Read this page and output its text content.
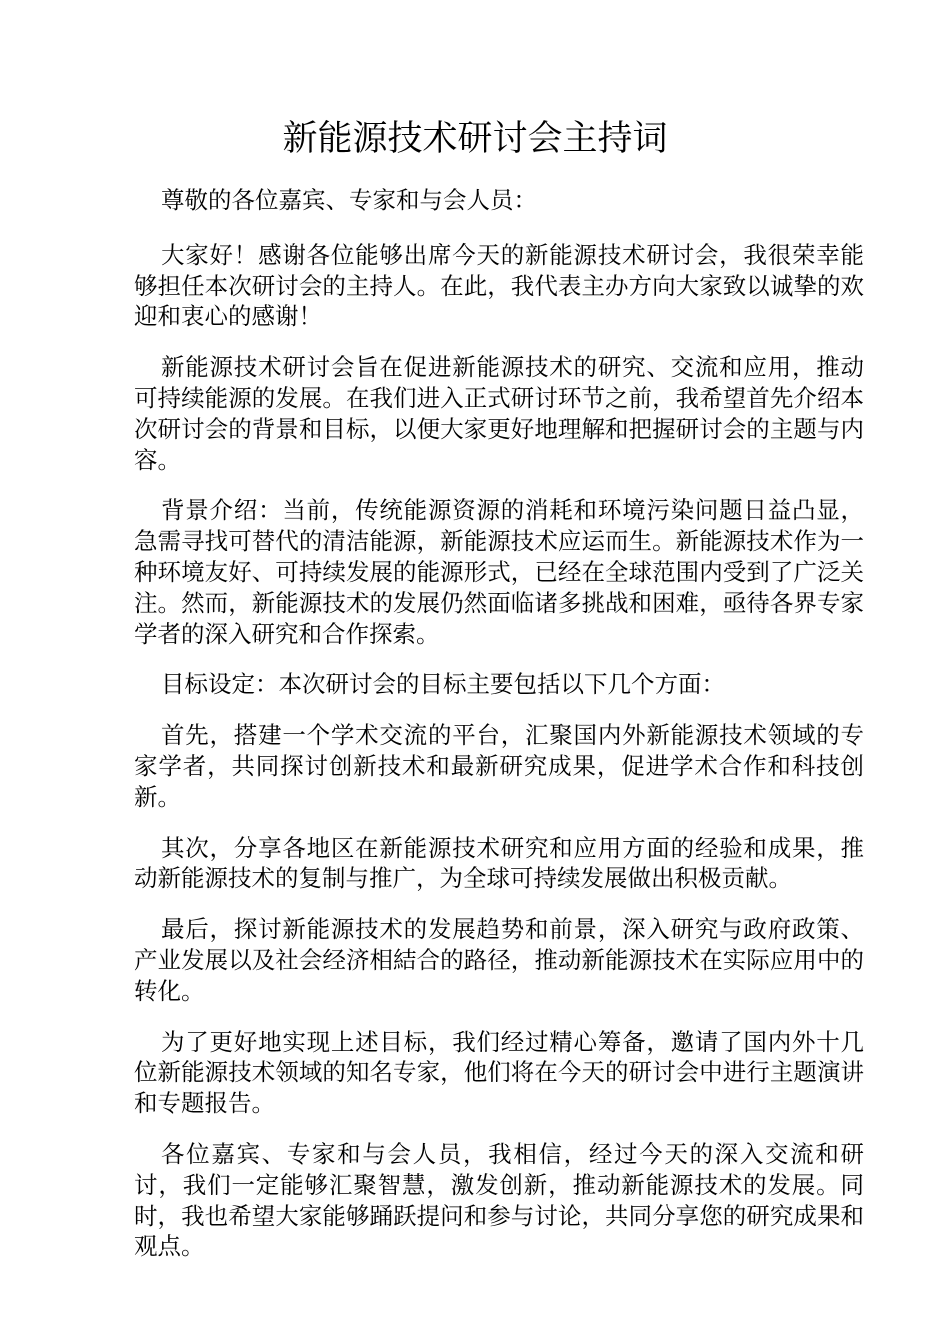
新能源技术研讨会主持词

尊敬的各位嘉宾、专家和与会人员：

大家好！感谢各位能够出席今天的新能源技术研讨会，我很荣幸能够担任本次研讨会的主持人。在此，我代表主办方向大家致以诚挚的欢迎和衷心的感谢！

新能源技术研讨会旨在促进新能源技术的研究、交流和应用，推动可持续能源的发展。在我们进入正式研讨环节之前，我希望首先介绍本次研讨会的背景和目标，以便大家更好地理解和把握研讨会的主题与内容。

背景介绍：当前，传统能源资源的消耗和环境污染问题日益凸显，急需寻找可替代的清洁能源，新能源技术应运而生。新能源技术作为一种环境友好、可持续发展的能源形式，已经在全球范围内受到了广泛关注。然而，新能源技术的发展仍然面临诸多挑战和困难，亟待各界专家学者的深入研究和合作探索。

目标设定：本次研讨会的目标主要包括以下几个方面：

首先，搭建一个学术交流的平台，汇聚国内外新能源技术领域的专家学者，共同探讨创新技术和最新研究成果，促进学术合作和科技创新。

其次，分享各地区在新能源技术研究和应用方面的经验和成果，推动新能源技术的复制与推广，为全球可持续发展做出积极贡献。

最后，探讨新能源技术的发展趋势和前景，深入研究与政府政策、产业发展以及社会经济相結合的路径，推动新能源技术在实际应用中的转化。

为了更好地实现上述目标，我们经过精心筹备，邀请了国内外十几位新能源技术领域的知名专家，他们将在今天的研讨会中进行主题演讲和专题报告。

各位嘉宾、专家和与会人员，我相信，经过今天的深入交流和研讨，我们一定能够汇聚智慧，激发创新，推动新能源技术的发展。同时，我也希望大家能够踊跃提问和参与讨论，共同分享您的研究成果和观点。
